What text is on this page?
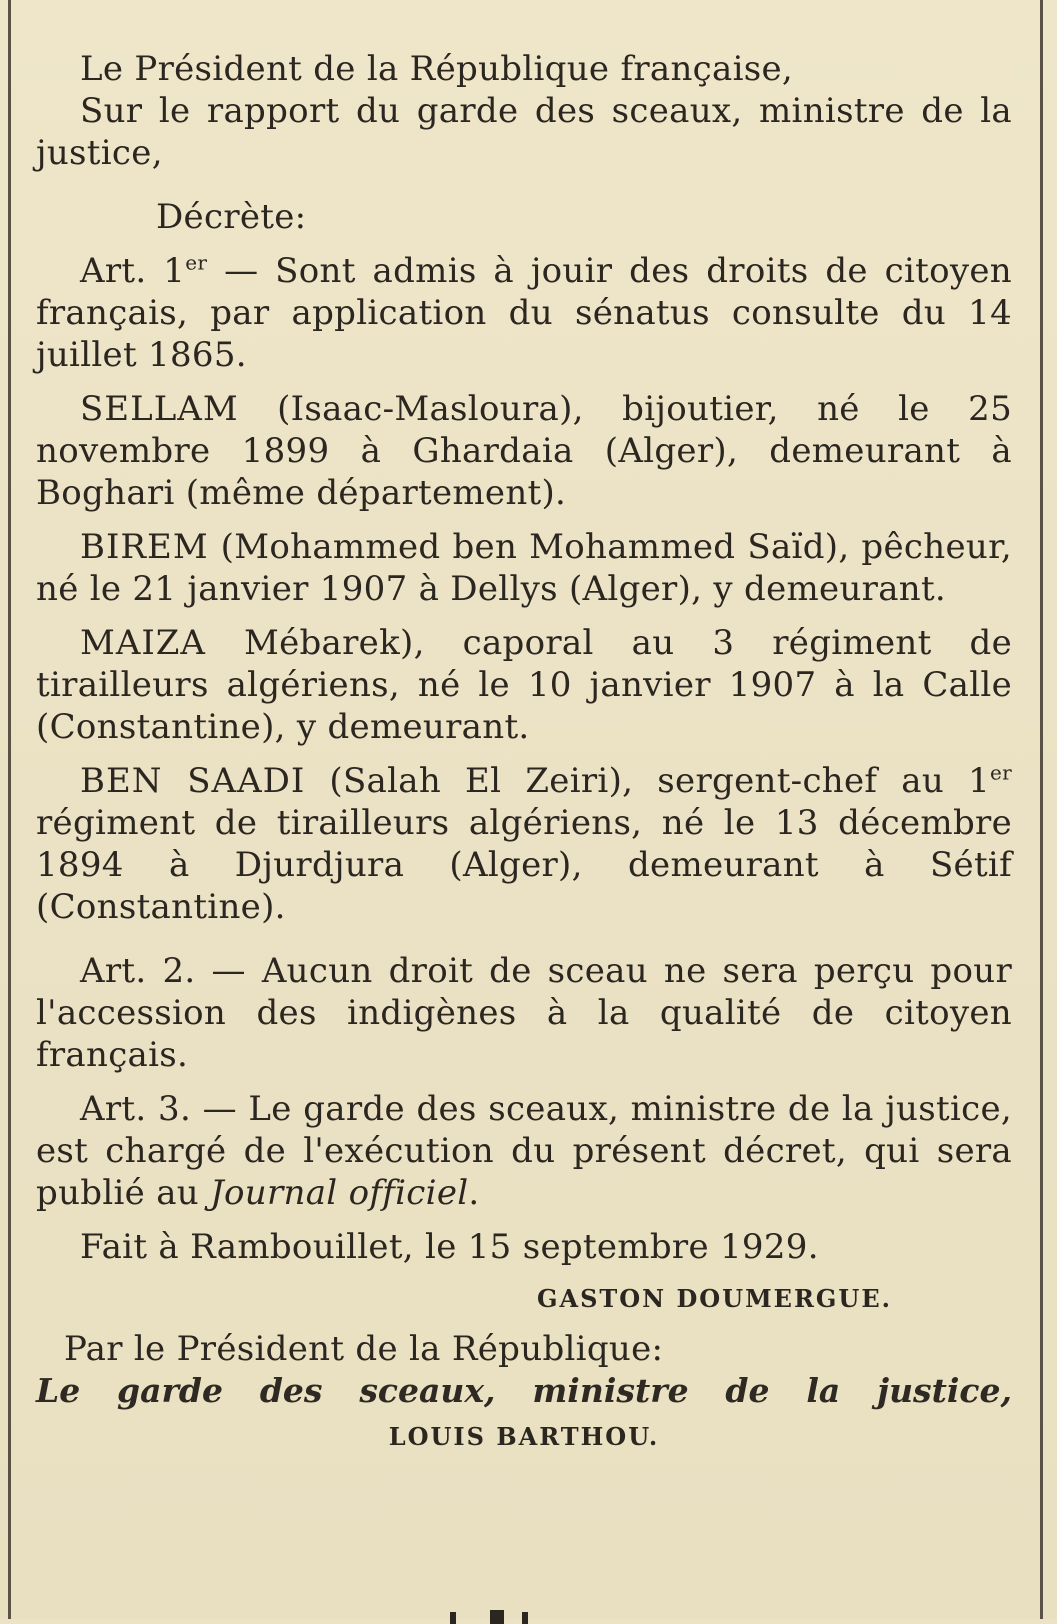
Le Président de la République française,

Sur le rapport du garde des sceaux, ministre de la justice,

Décrète:

Art. 1er — Sont admis à jouir des droits de citoyen français, par application du sénatus consulte du 14 juillet 1865.

SELLAM (Isaac-Masloura), bijoutier, né le 25 novembre 1899 à Ghardaia (Alger), demeurant à Boghari (même département).

BIREM (Mohammed ben Mohammed Saïd), pêcheur, né le 21 janvier 1907 à Dellys (Alger), y demeurant.

MAIZA Mébarek), caporal au 3 régiment de tirailleurs algériens, né le 10 janvier 1907 à la Calle (Constantine), y demeurant.

BEN SAADI (Salah El Zeiri), sergent-chef au 1er régiment de tirailleurs algériens, né le 13 décembre 1894 à Djurdjura (Alger), demeurant à Sétif (Constantine).

Art. 2. — Aucun droit de sceau ne sera perçu pour l'accession des indigènes à la qualité de citoyen français.

Art. 3. — Le garde des sceaux, ministre de la justice, est chargé de l'exécution du présent décret, qui sera publié au Journal officiel.

Fait à Rambouillet, le 15 septembre 1929.

GASTON DOUMERGUE.

Par le Président de la République:

Le garde des sceaux, ministre de la justice,

LOUIS BARTHOU.
